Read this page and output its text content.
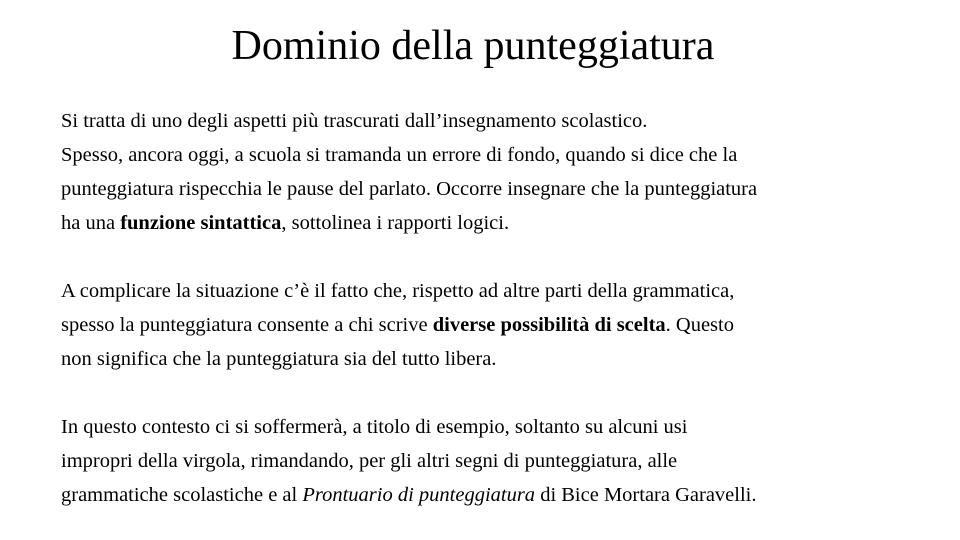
Dominio della punteggiatura

Si tratta di uno degli aspetti più trascurati dall’insegnamento scolastico.
Spesso, ancora oggi, a scuola si tramanda un errore di fondo, quando si dice che la
punteggiatura rispecchia le pause del parlato. Occorre insegnare che la punteggiatura
ha una funzione sintattica, sottolinea i rapporti logici.

A complicare la situazione c’è il fatto che, rispetto ad altre parti della grammatica,
spesso la punteggiatura consente a chi scrive diverse possibilità di scelta. Questo
non significa che la punteggiatura sia del tutto libera.

In questo contesto ci si soffermerà, a titolo di esempio, soltanto su alcuni usi
impropri della virgola, rimandando, per gli altri segni di punteggiatura, alle
grammatiche scolastiche e al Prontuario di punteggiatura di Bice Mortara Garavelli.
